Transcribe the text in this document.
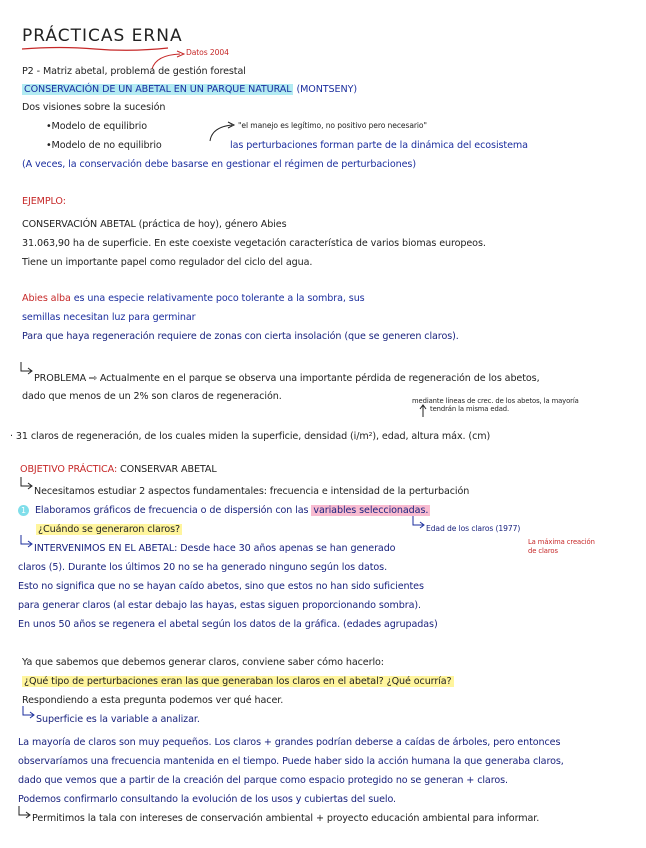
PRÁCTICAS ERNA
Datos 2004
P2 - Matriz abetal, problema de gestión forestal
CONSERVACIÓN DE UN ABETAL EN UN PARQUE NATURAL (MONTSENY)
Dos visiones sobre la sucesión
•Modelo de equilibrio	"el manejo es legítimo, no positivo pero necesario"
•Modelo de no equilibrio	las perturbaciones forman parte de la dinámica del ecosistema
(A veces, la conservación debe basarse en gestionar el régimen de perturbaciones)
EJEMPLO:
CONSERVACIÓN ABETAL (práctica de hoy), género Abies
31.063,90 ha de superficie. En este coexiste vegetación característica de varios biomas europeos.
Tiene un importante papel como regulador del ciclo del agua.
Abies alba es una especie relativamente poco tolerante a la sombra, sus
semillas necesitan luz para germinar
Para que haya regeneración requiere de zonas con cierta insolación (que se generen claros).
PROBLEMA ⇨ Actualmente en el parque se observa una importante pérdida de regeneración de los abetos,
dado que menos de un 2% son claros de regeneración.	mediante líneas de crec. de los abetos, la mayoría
tendrán la misma edad.
· 31 claros de regeneración, de los cuales miden la superficie, densidad (i/m²), edad, altura máx. (cm)
OBJETIVO PRÁCTICA: CONSERVAR ABETAL
Necesitamos estudiar 2 aspectos fundamentales: frecuencia e intensidad de la perturbación
1 Elaboramos gráficos de frecuencia o de dispersión con las variables seleccionadas.
¿Cuándo se generaron claros?	Edad de los claros (1977)
La máxima creación
de claros
INTERVENIMOS EN EL ABETAL: Desde hace 30 años apenas se han generado
claros (5). Durante los últimos 20 no se ha generado ninguno según los datos.
Esto no significa que no se hayan caído abetos, sino que estos no han sido suficientes
para generar claros (al estar debajo las hayas, estas siguen proporcionando sombra).
En unos 50 años se regenera el abetal según los datos de la gráfica. (edades agrupadas)
Ya que sabemos que debemos generar claros, conviene saber cómo hacerlo:
¿Qué tipo de perturbaciones eran las que generaban los claros en el abetal? ¿Qué ocurría?
Respondiendo a esta pregunta podemos ver qué hacer.
Superficie es la variable a analizar.
La mayoría de claros son muy pequeños. Los claros + grandes podrían deberse a caídas de árboles, pero entonces
observaríamos una frecuencia mantenida en el tiempo. Puede haber sido la acción humana la que generaba claros,
dado que vemos que a partir de la creación del parque como espacio protegido no se generan + claros.
Podemos confirmarlo consultando la evolución de los usos y cubiertas del suelo.
Permitimos la tala con intereses de conservación ambiental + proyecto educación ambiental para informar.
